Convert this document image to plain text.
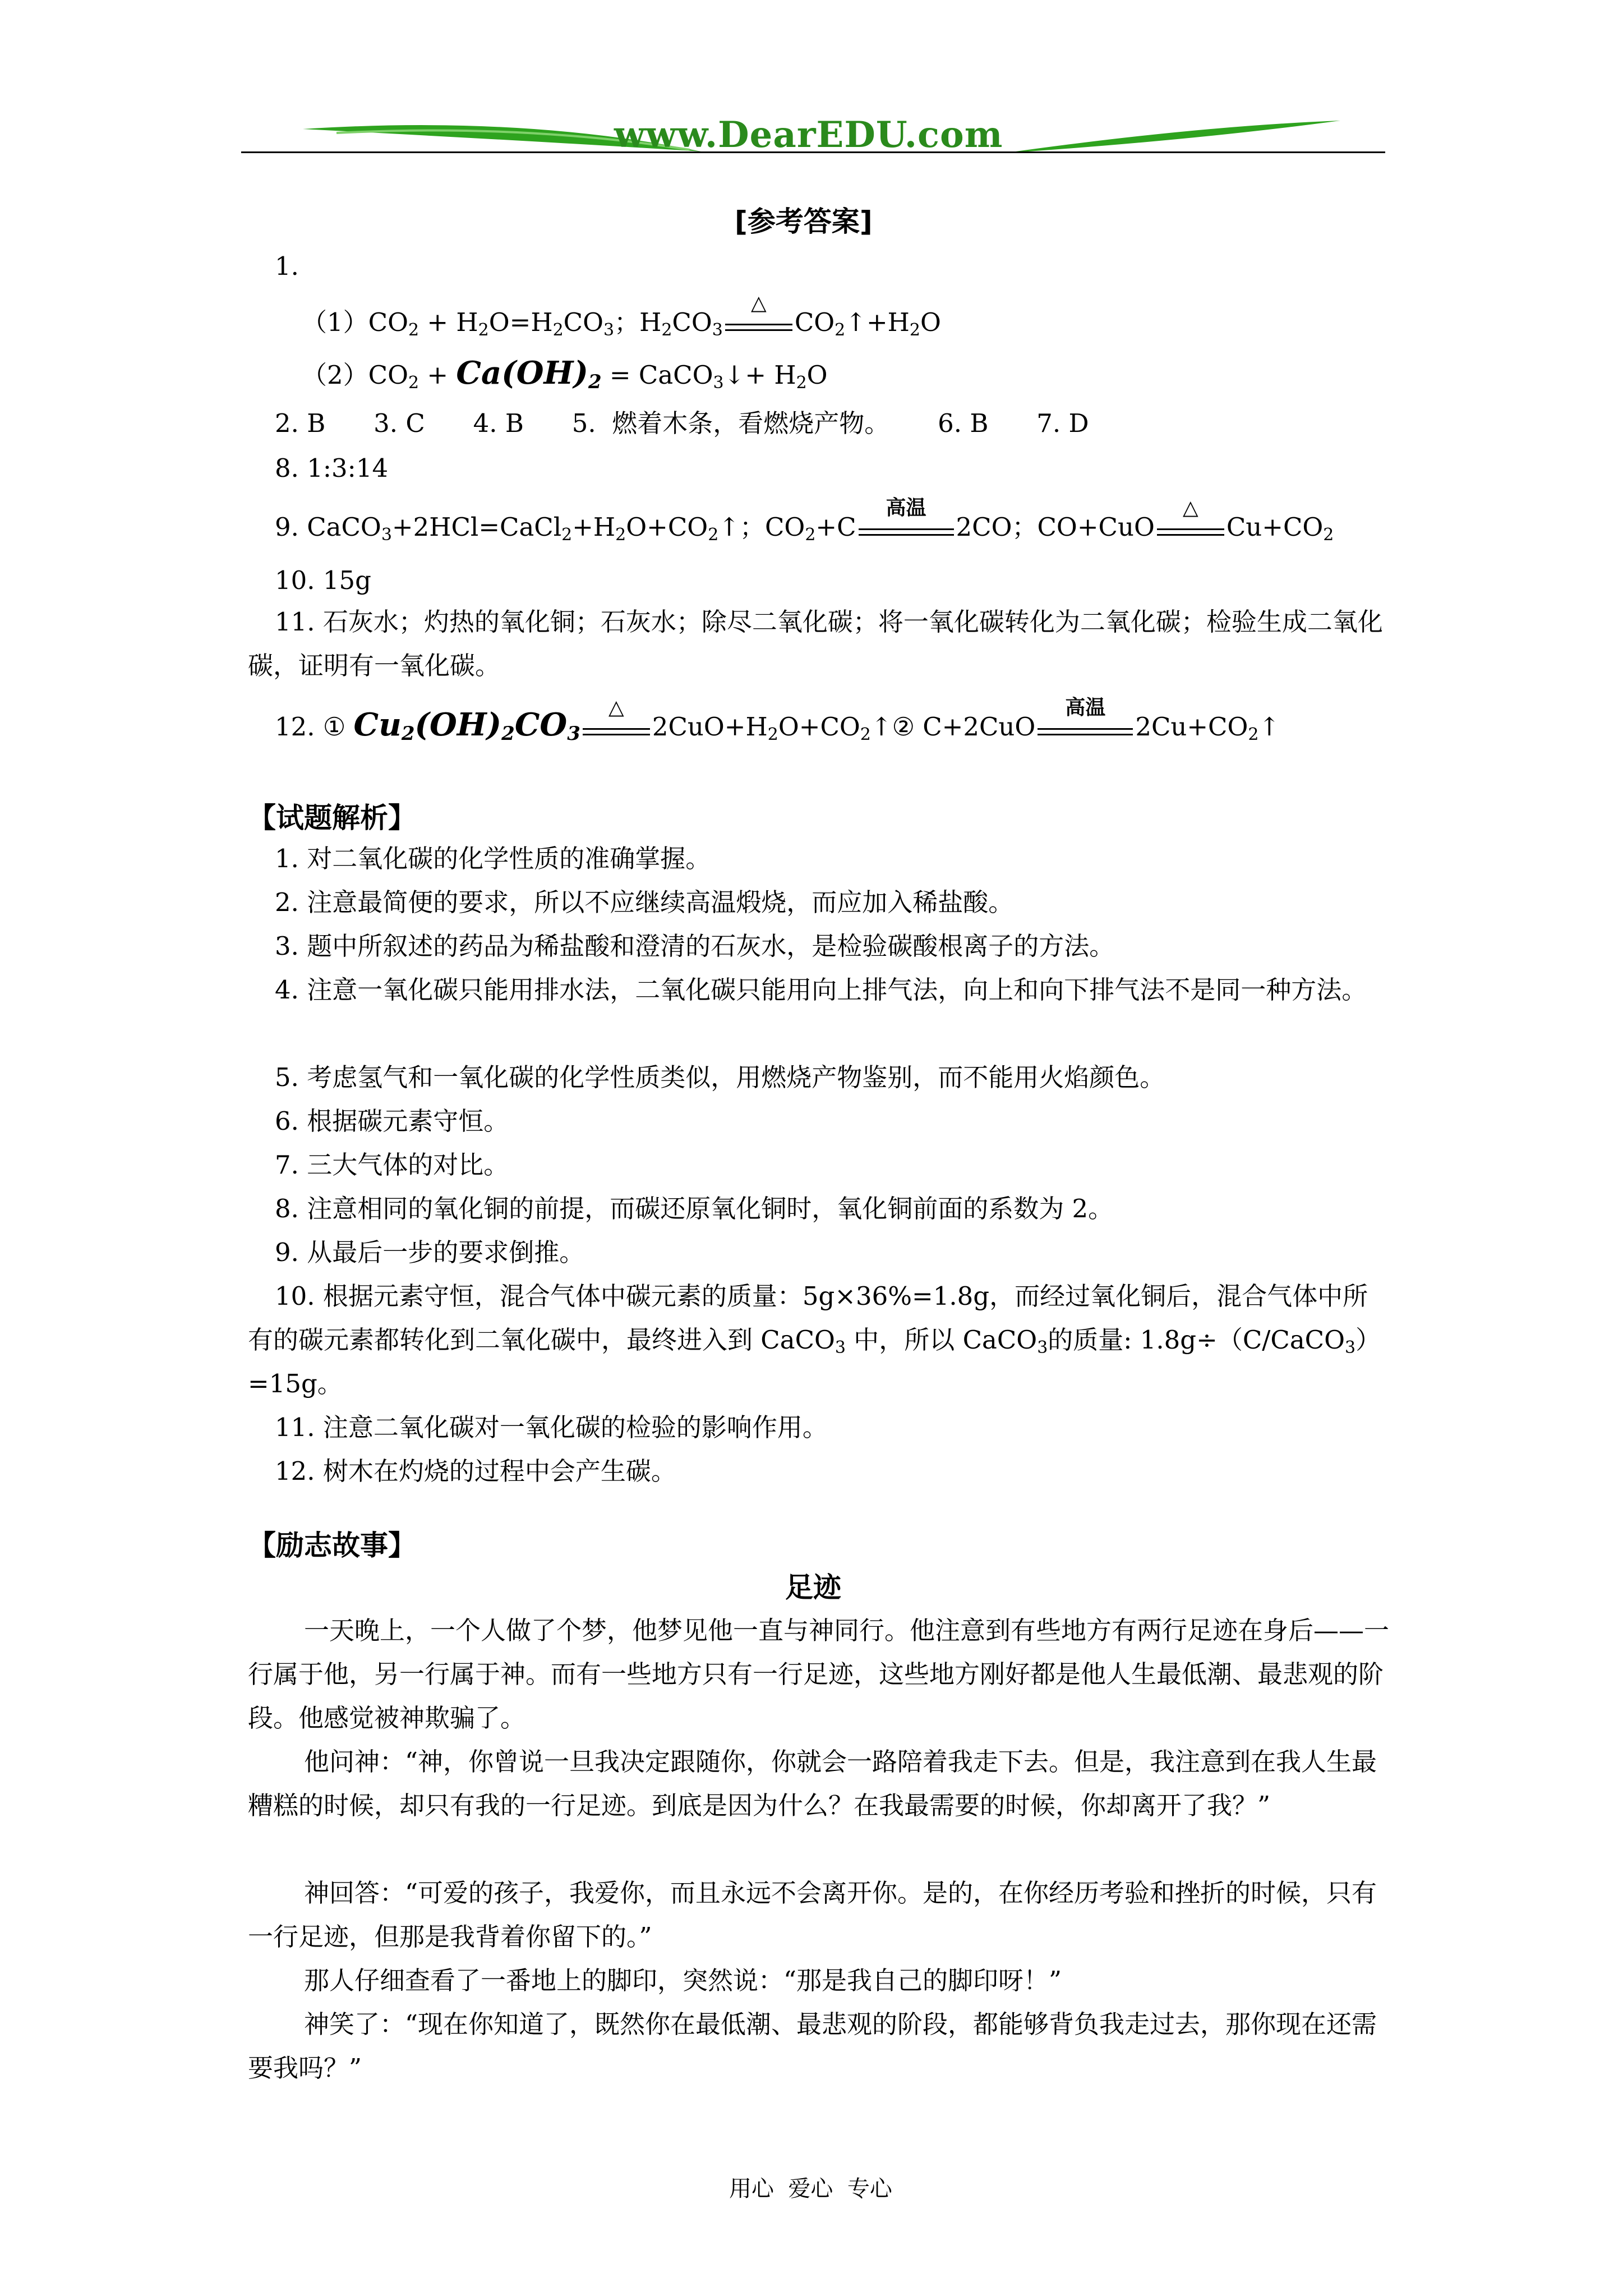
www.DearEDU.com
[参考答案]
1.
$(1)CO_2 + H_2O=H_2CO_3$；$H_2CO_3$
△
$CO_2↑+H_2O$
$(2)CO_2 + Ca(OH)_2$ = CaCO$_3$↓+ $H_2O$
2. B      3. C      4. B      5.  燃着木条，看燃烧产物。      6. B      7. D
8. 1:3:14
9. $CaCO_3+2HCl=CaCl_2+H_2O+CO_2↑$；$CO_2+C$
高温
2CO；CO+CuO
△
$Cu+CO_2$
10. 15g
11. 石灰水；灼热的氧化铜；石灰水；除尽二氧化碳；将一氧化碳转化为二氧化碳；检验生成二氧化碳，证明有一氧化碳。
12. ① $Cu_2(OH)_2CO_3$
△
$2CuO+H_2O+CO_2↑②$ C+2CuO
高温
$2Cu+CO_2↑$
【试题解析】
1. 对二氧化碳的化学性质的准确掌握。
2. 注意最简便的要求，所以不应继续高温煅烧，而应加入稀盐酸。
3. 题中所叙述的药品为稀盐酸和澄清的石灰水，是检验碳酸根离子的方法。
4. 注意一氧化碳只能用排水法，二氧化碳只能用向上排气法，向上和向下排气法不是同一种方法。
5. 考虑氢气和一氧化碳的化学性质类似，用燃烧产物鉴别，而不能用火焰颜色。
6. 根据碳元素守恒。
7. 三大气体的对比。
8. 注意相同的氧化铜的前提，而碳还原氧化铜时，氧化铜前面的系数为 2。
9. 从最后一步的要求倒推。
10. 根据元素守恒，混合气体中碳元素的质量：5g×36%=1.8g，而经过氧化铜后，混合气体中所有的碳元素都转化到二氧化碳中，最终进入到 CaCO$_3$ 中，所以 CaCO$_3$的质量: 1.8g÷（C/CaCO$_3$）=15g。
11. 注意二氧化碳对一氧化碳的检验的影响作用。
12. 树木在灼烧的过程中会产生碳。
【励志故事】
足迹
一天晚上，一个人做了个梦，他梦见他一直与神同行。他注意到有些地方有两行足迹在身后——一行属于他，另一行属于神。而有一些地方只有一行足迹，这些地方刚好都是他人生最低潮、最悲观的阶段。他感觉被神欺骗了。
他问神：“神，你曾说一旦我决定跟随你，你就会一路陪着我走下去。但是，我注意到在我人生最糟糕的时候，却只有我的一行足迹。到底是因为什么？在我最需要的时候，你却离开了我？”
神回答：“可爱的孩子，我爱你，而且永远不会离开你。是的，在你经历考验和挫折的时候，只有一行足迹，但那是我背着你留下的。”
那人仔细查看了一番地上的脚印，突然说：“那是我自己的脚印呀！”
神笑了：“现在你知道了，既然你在最低潮、最悲观的阶段，都能够背负我走过去，那你现在还需要我吗？”
用心  爱心  专心
